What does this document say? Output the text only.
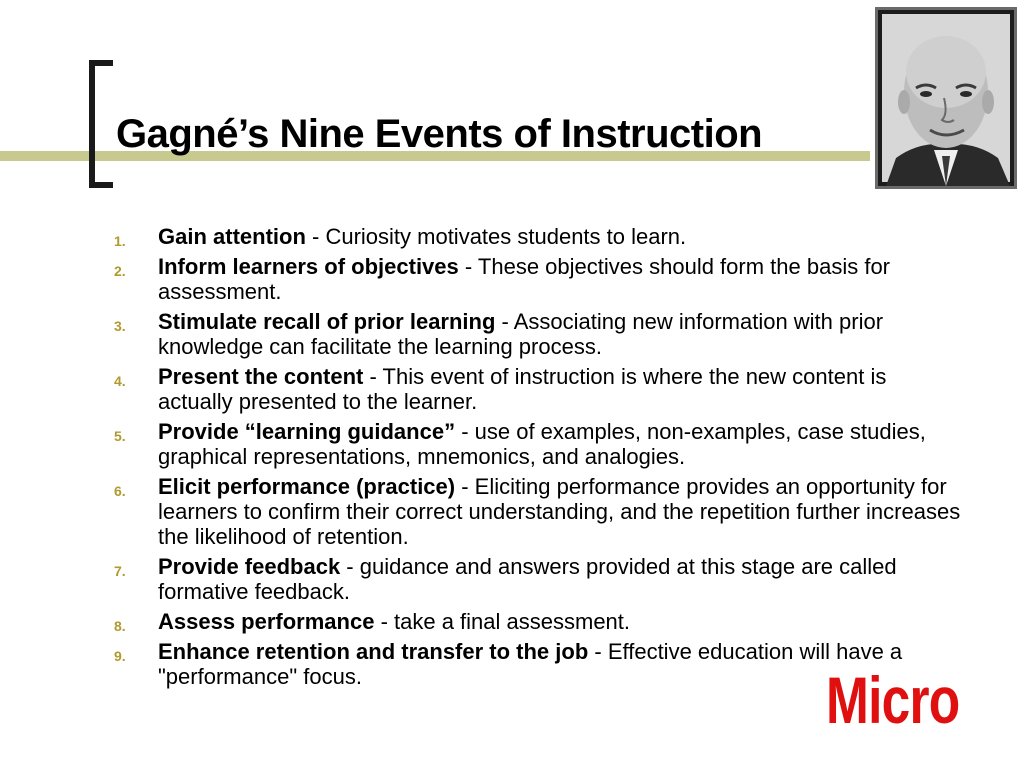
Gagné’s Nine Events of Instruction
1.	Gain attention - Curiosity motivates students to learn.
2.	Inform learners of objectives - These objectives should form the basis for assessment.
3.	Stimulate recall of prior learning - Associating new information with prior knowledge can facilitate the learning process.
4.	Present the content - This event of instruction is where the new content is actually presented to the learner.
5.	Provide “learning guidance” - use of examples, non-examples, case studies, graphical representations, mnemonics, and analogies.
6.	Elicit performance (practice) - Eliciting performance provides an opportunity for learners to confirm their correct understanding, and the repetition further increases the likelihood of retention.
7.	Provide feedback - guidance and answers provided at this stage are called formative feedback.
8.	Assess performance - take a final assessment.
9.	Enhance retention and transfer to the job - Effective education will have a "performance" focus.	Micro
